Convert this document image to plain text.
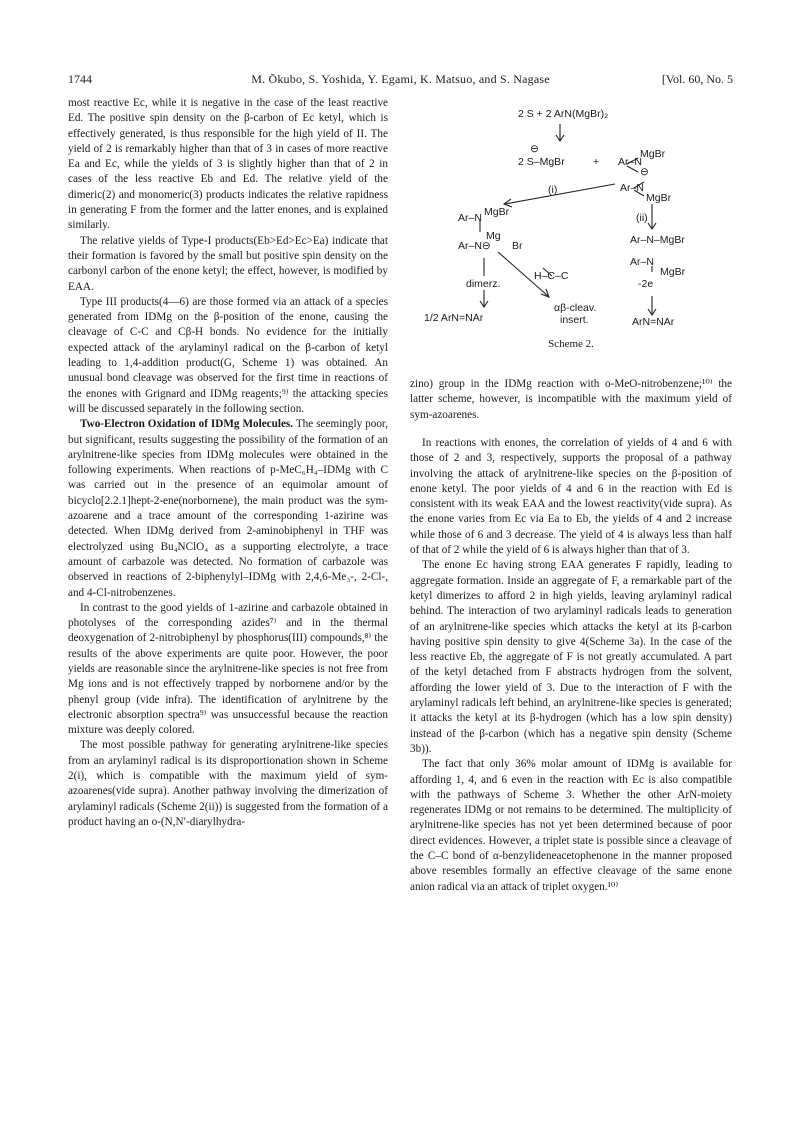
1744	M. Ōkubo, S. Yoshida, Y. Egami, K. Matsuo, and S. Nagase	[Vol. 60, No. 5

most reactive Ec, while it is negative in the case of the least reactive Ed. The positive spin density on the β-carbon of Ec ketyl, which is effectively generated, is thus responsible for the high yield of II. The yield of 2 is remarkably higher than that of 3 in cases of more reactive Ea and Ec, while the yields of 3 is slightly higher than that of 2 in cases of the less reactive Eb and Ed. The relative yield of the dimeric(2) and monomeric(3) products indicates the relative rapidness in generating F from the former and the latter enones, and is explained similarly.

The relative yields of Type-I products(Eb>Ed>Ec>Ea) indicate that their formation is favored by the small but positive spin density on the carbonyl carbon of the enone ketyl; the effect, however, is modified by EAA.

Type III products(4—6) are those formed via an attack of a species generated from IDMg on the β-position of the enone, causing the cleavage of C-C and Cβ-H bonds. No evidence for the initially expected attack of the arylaminyl radical on the β-carbon of ketyl leading to 1,4-addition product(G, Scheme 1) was obtained. An unusual bond cleavage was observed for the first time in reactions of the enones with Grignard and IDMg reagents;⁹⁾ the attacking species will be discussed separately in the following section.

Two-Electron Oxidation of IDMg Molecules. The seemingly poor, but significant, results suggesting the possibility of the formation of an arylnitrene-like species from IDMg molecules were obtained in the following experiments. When reactions of p-MeC₆H₄–IDMg with C was carried out in the presence of an equimolar amount of bicyclo[2.2.1]hept-2-ene(norbornene), the main product was the sym-azoarene and a trace amount of the corresponding 1-azirine was detected. When IDMg derived from 2-aminobiphenyl in THF was electrolyzed using Bu₄NClO₄ as a supporting electrolyte, a trace amount of carbazole was detected. No formation of carbazole was observed in reactions of 2-biphenylyl–IDMg with 2,4,6-Me₃-, 2-Cl-, and 4-Cl-nitrobenzenes.

In contrast to the good yields of 1-azirine and carbazole obtained in photolyses of the corresponding azides⁷⁾ and in the thermal deoxygenation of 2-nitrobiphenyl by phosphorus(III) compounds,⁸⁾ the results of the above experiments are quite poor. However, the poor yields are reasonable since the arylnitrene-like species is not free from Mg ions and is not effectively trapped by norbornene and/or by the phenyl group (vide infra). The identification of arylnitrene by the electronic absorption spectra⁹⁾ was unsuccessful because the reaction mixture was deeply colored.

The most possible pathway for generating arylnitrene-like species from an arylaminyl radical is its disproportionation shown in Scheme 2(i), which is compatible with the maximum yield of sym-azoarenes(vide supra). Another pathway involving the dimerization of arylaminyl radicals (Scheme 2(ii)) is suggested from the formation of a product having an o-(N,N′-diarylhydra-

2 S + 2 ArN(MgBr)₂
⊖
2 S–MgBr	+ Ar–N
MgBr
⊖
Ar–N
MgBr
(i)
(ii)
Ar–N MgBr
Mg
Br
Ar–N⊖
H–C–C
Ar–N–MgBr
Ar–N
MgBr
dimerz.
αβ-cleav.
insert.
-2e
1/2 ArN=NAr	ArN=NAr
Scheme 2.

zino) group in the IDMg reaction with o-MeO-nitrobenzene;¹⁰⁾ the latter scheme, however, is incompatible with the maximum yield of sym-azoarenes.

In reactions with enones, the correlation of yields of 4 and 6 with those of 2 and 3, respectively, supports the proposal of a pathway involving the attack of arylnitrene-like species on the β-position of enone ketyl. The poor yields of 4 and 6 in the reaction with Ed is consistent with its weak EAA and the lowest reactivity(vide supra). As the enone varies from Ec via Ea to Eb, the yields of 4 and 2 increase while those of 6 and 3 decrease. The yield of 4 is always less than half of that of 2 while the yield of 6 is always higher than that of 3.

The enone Ec having strong EAA generates F rapidly, leading to aggregate formation. Inside an aggregate of F, a remarkable part of the ketyl dimerizes to afford 2 in high yields, leaving arylaminyl radical behind. The interaction of two arylaminyl radicals leads to generation of an arylnitrene-like species which attacks the ketyl at its β-carbon having positive spin density to give 4(Scheme 3a). In the case of the less reactive Eb, the aggregate of F is not greatly accumulated. A part of the ketyl detached from F abstracts hydrogen from the solvent, affording the lower yield of 3. Due to the interaction of F with the arylaminyl radicals left behind, an arylnitrene-like species is generated; it attacks the ketyl at its β-hydrogen (which has a low spin density) instead of the β-carbon (which has a negative spin density (Scheme 3b)).

The fact that only 36% molar amount of IDMg is available for affording 1, 4, and 6 even in the reaction with Ec is also compatible with the pathways of Scheme 3. Whether the other ArN-moiety regenerates IDMg or not remains to be determined. The multiplicity of arylnitrene-like species has not yet been determined because of poor direct evidences. However, a triplet state is possible since a cleavage of the C–C bond of α-benzylideneacetophenone in the manner proposed above resembles formally an effective cleavage of the same enone anion radical via an attack of triplet oxygen.¹⁰⁾
